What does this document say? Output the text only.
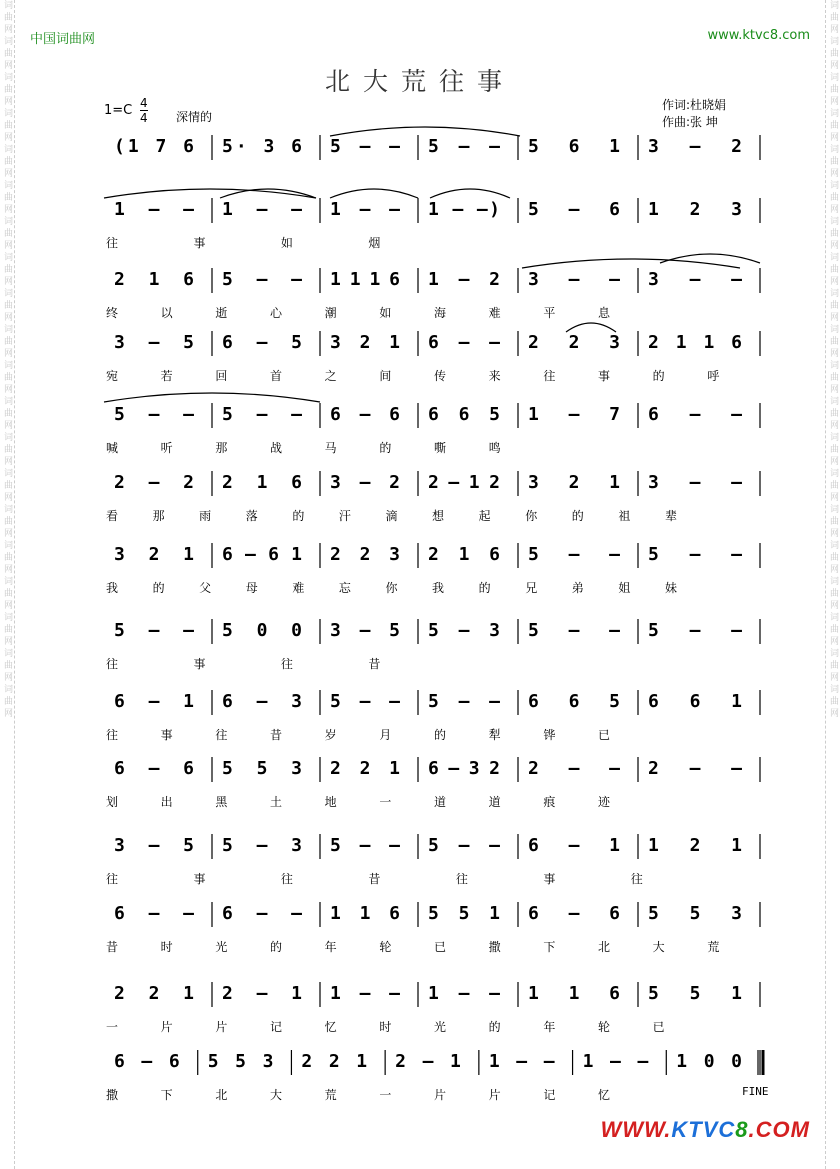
词曲网词曲网词曲网词曲网词曲网词曲网词曲网词曲网词曲网词曲网词曲网词曲网词曲网词曲网词曲网词曲网词曲网词曲网词曲网词曲网	词曲网词曲网词曲网词曲网词曲网词曲网词曲网词曲网词曲网词曲网词曲网词曲网词曲网词曲网词曲网词曲网词曲网词曲网词曲网词曲网
中国词曲网	www.ktvc8.com
北大荒往事
$1=C \frac{4}{4}$ 深情的
作词:杜晓娟
作曲:张 坤
(1 7 6 5· 3 6 5 – – 5 – – 5 6 1 3 – 2
1 – – 1 – – 1 – – 1 – –) 5 – 6 1 2 3
往	事	如	烟
2 1 6 5 – – 1 1 1 6 1 – 2 3 – – 3 – –
终	以	逝	心	潮	如	海	难	平	息
3 – 5 6 – 5 3 2 1 6 – – 2 2 3 2 1 1 6
宛	若	回	首	之	间	传	来	往	事	的	呼
5 – – 5 – – 6 – 6 6 6 5 1 – 7 6 – –
喊	听	那	战	马	的	嘶	鸣
2 – 2 2 1 6 3 – 2 2 – 1 2 3 2 1 3 – –
看	那	雨	落	的	汗	滴	想	起	你	的	祖	辈
3 2 1 6 – 6 1 2 2 3 2 1 6 5 – – 5 – –
我	的	父	母	难	忘	你	我	的	兄	弟	姐	妹
5 – – 5 0 0 3 – 5 5 – 3 5 – – 5 – –
往	事	往	昔
6 – 1 6 – 3 5 – – 5 – – 6 6 5 6 6 1
往	事	往	昔	岁	月	的	犁	铧	已
6 – 6 5 5 3 2 2 1 6 – 3 2 2 – – 2 – –
划	出	黑	土	地	一	道	道	痕	迹
3 – 5 5 – 3 5 – – 5 – – 6 – 1 1 2 1
往	事	往	昔	往	事	往
6 – – 6 – – 1 1 6 5 5 1 6 – 6 5 5 3
昔	时	光	的	年	轮	已	撒	下	北	大	荒
2 2 1 2 – 1 1 – – 1 – – 1 1 6 5 5 1
一	片	片	记	忆	时	光	的	年	轮	已
6 – 6 5 5 3 2 2 1 2 – 1 1 – – 1 – – 1 0 0
撒	下	北	大	荒	一	片	片	记	忆	FINE
WWW.KTVC8.COM
